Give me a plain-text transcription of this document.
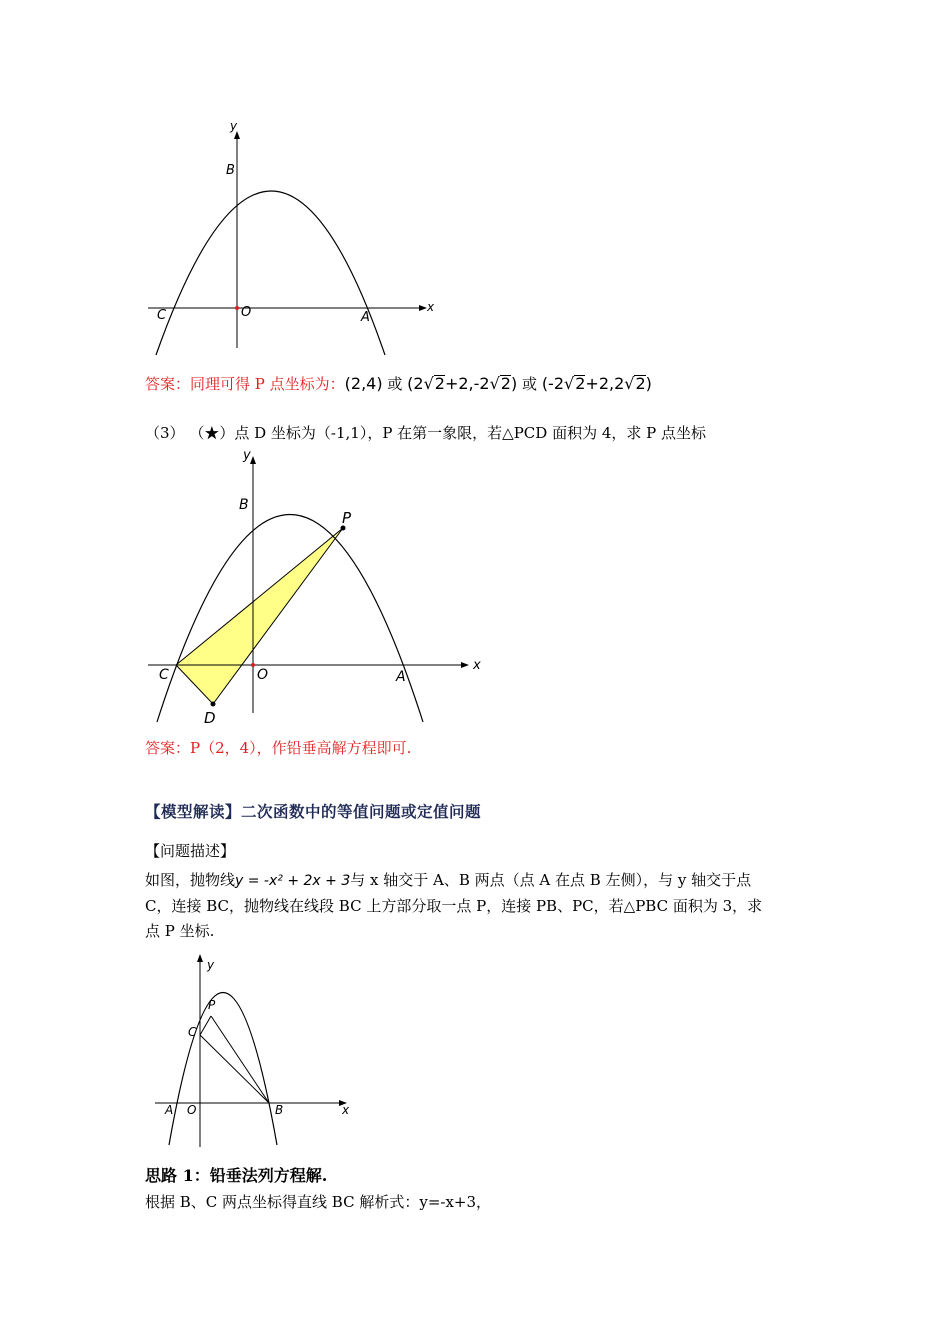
y
x
B
O
C	A
答案：同理可得 P 点坐标为：(2,4) 或 (2√2+2,-2√2) 或 (-2√2+2,2√2)
（3） （★）点 D 坐标为（-1,1），P 在第一象限，若△PCD 面积为 4，求 P 点坐标
y
x
B
P
C	O	A
D
答案：P（2，4），作铅垂高解方程即可.
【模型解读】二次函数中的等值问题或定值问题
【问题描述】
如图，抛物线y = -x² + 2x + 3与 x 轴交于 A、B 两点（点 A 在点 B 左侧），与 y 轴交于点
C，连接 BC，抛物线在线段 BC 上方部分取一点 P，连接 PB、PC，若△PBC 面积为 3，求
点 P 坐标.
y
x
P
C
A O	B
思路 1：铅垂法列方程解.
根据 B、C 两点坐标得直线 BC 解析式：y=-x+3，
